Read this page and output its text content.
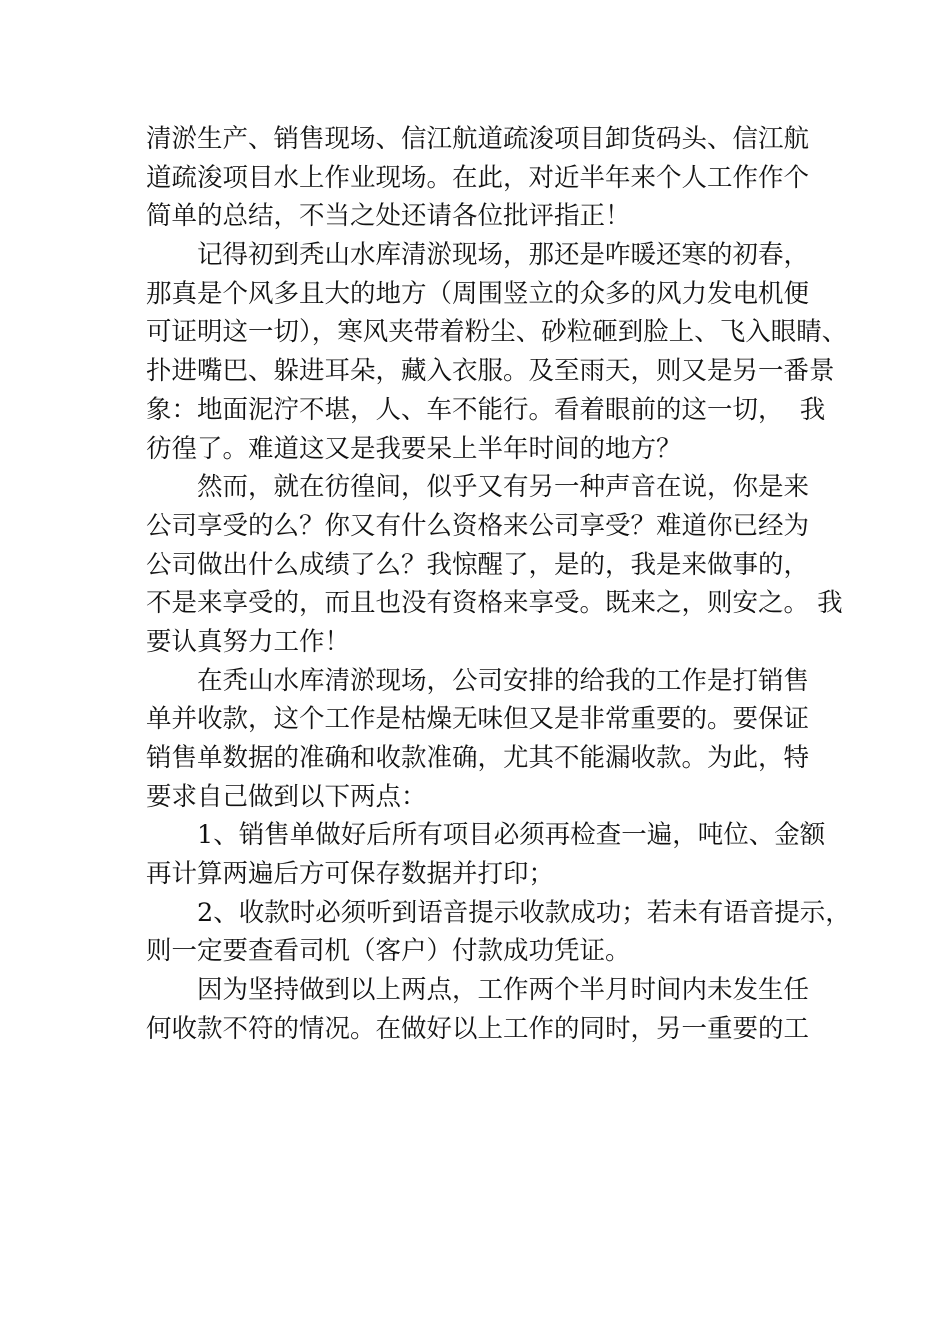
清淤生产、销售现场、信江航道疏浚项目卸货码头、信江航
道疏浚项目水上作业现场。在此，对近半年来个人工作作个
简单的总结，不当之处还请各位批评指正！
　　记得初到秃山水库清淤现场，那还是咋暖还寒的初春，
那真是个风多且大的地方（周围竖立的众多的风力发电机便
可证明这一切），寒风夹带着粉尘、砂粒砸到脸上、飞入眼睛、
扑进嘴巴、躲进耳朵，藏入衣服。及至雨天，则又是另一番景
象：地面泥泞不堪，人、车不能行。看着眼前的这一切，  我
彷徨了。难道这又是我要呆上半年时间的地方？
　　然而，就在彷徨间，似乎又有另一种声音在说，你是来
公司享受的么？你又有什么资格来公司享受？难道你已经为
公司做出什么成绩了么？我惊醒了，是的，我是来做事的，
不是来享受的，而且也没有资格来享受。既来之，则安之。 我
要认真努力工作！
　　在秃山水库清淤现场，公司安排的给我的工作是打销售
单并收款，这个工作是枯燥无味但又是非常重要的。要保证
销售单数据的准确和收款准确，尤其不能漏收款。为此，特
要求自己做到以下两点：
　　1、销售单做好后所有项目必须再检查一遍，吨位、金额
再计算两遍后方可保存数据并打印；
　　2、收款时必须听到语音提示收款成功；若未有语音提示，
则一定要查看司机（客户）付款成功凭证。
　　因为坚持做到以上两点，工作两个半月时间内未发生任
何收款不符的情况。在做好以上工作的同时，另一重要的工
